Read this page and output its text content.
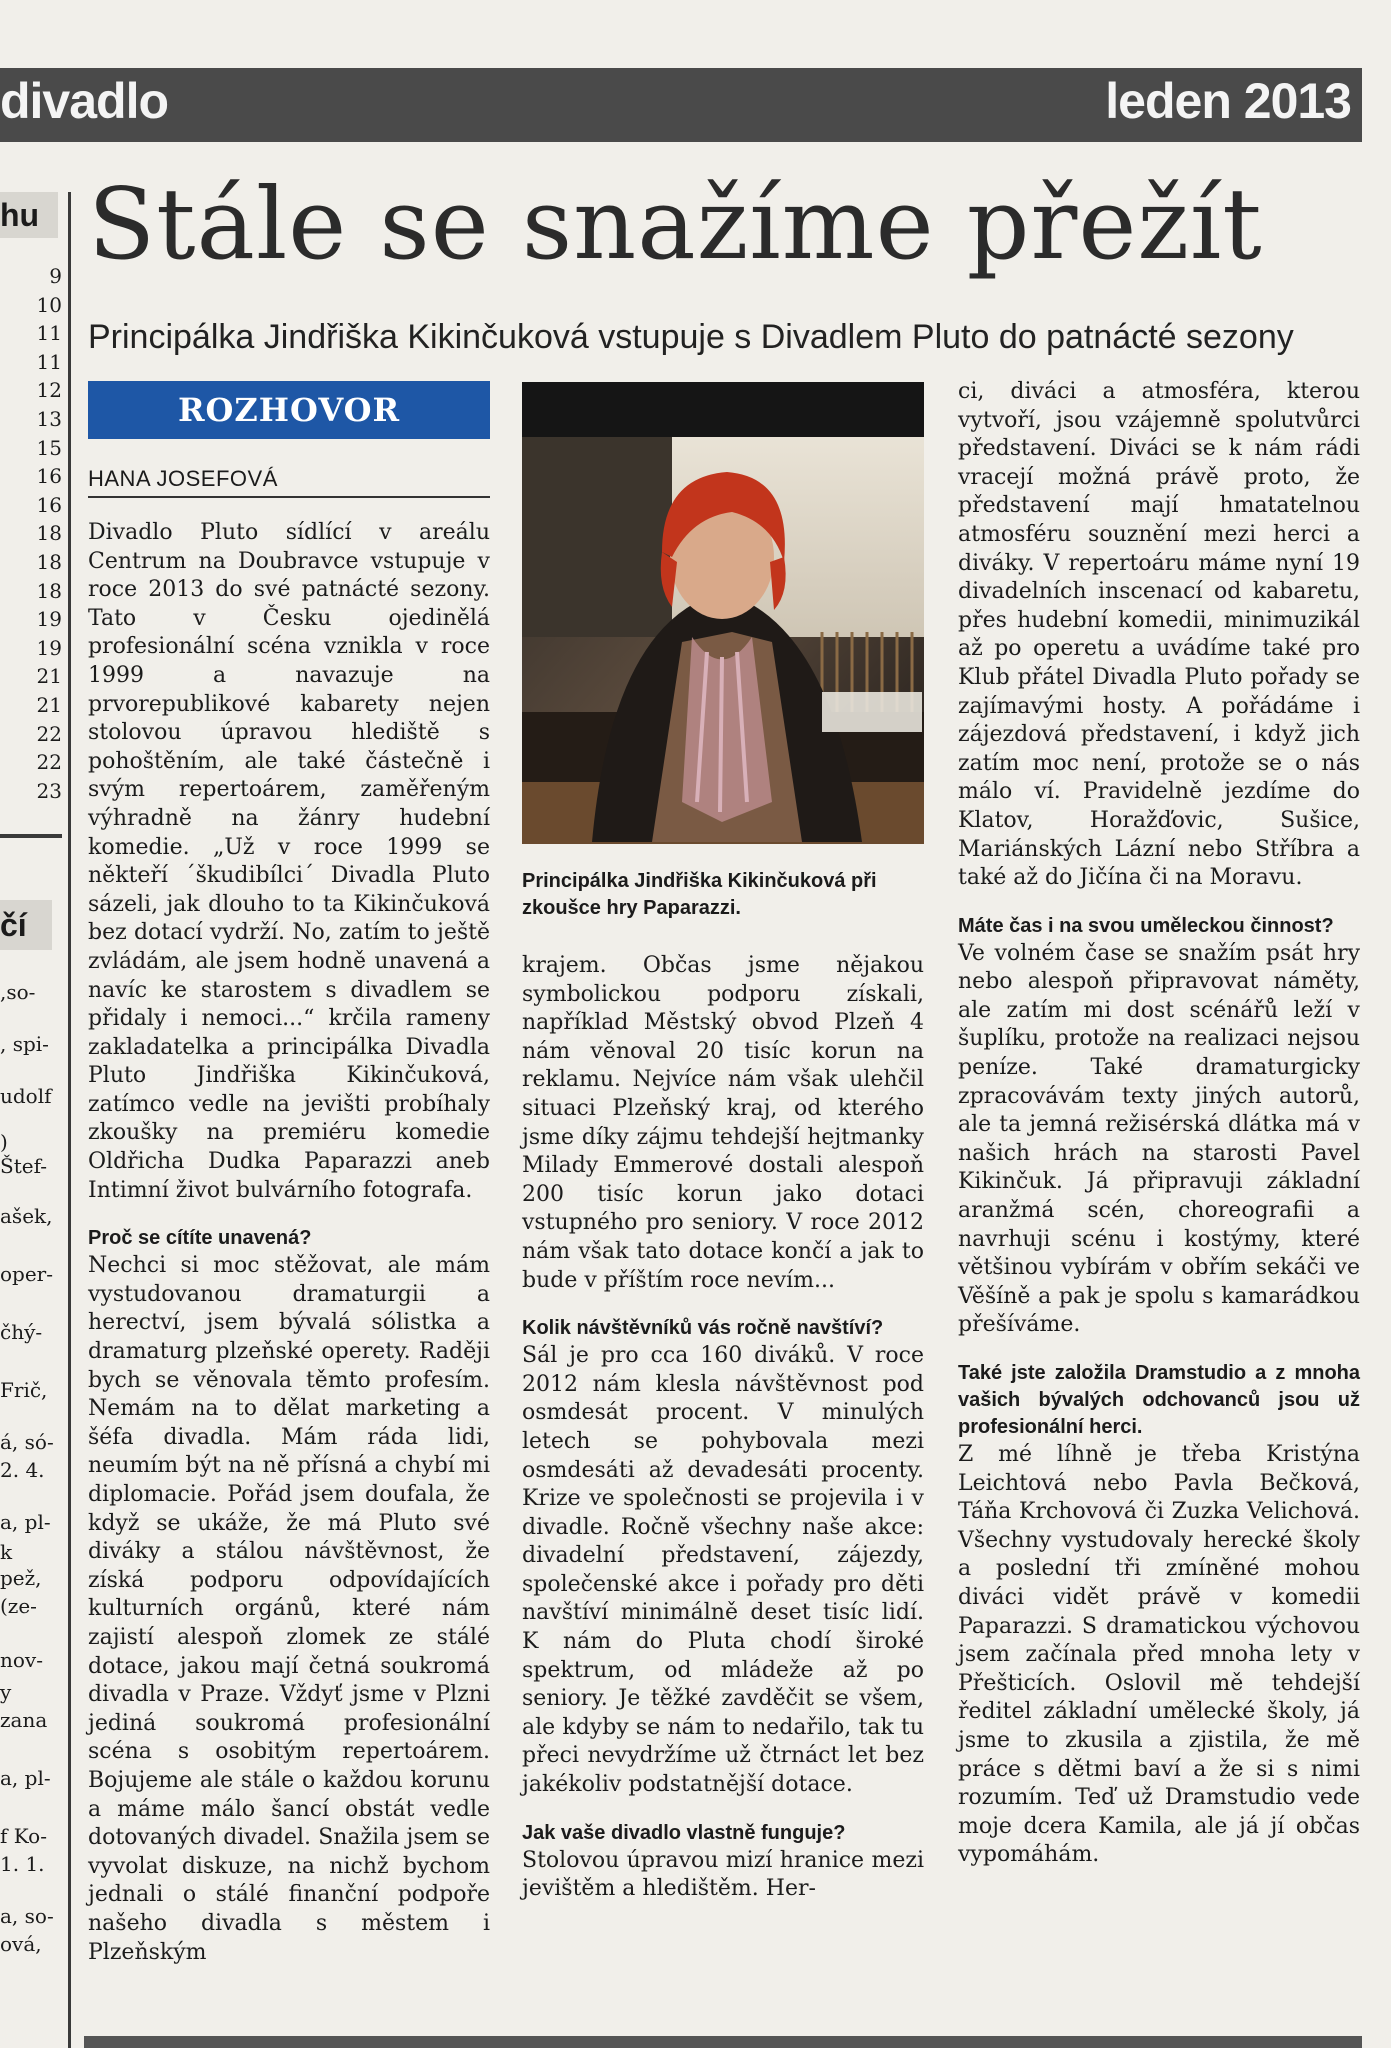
divadlo	leden 2013
hu
9
10
11
11
12
13
15
16
16
18
18
18
19
19
21
21
22
22
23
čí
,so-
, spi-
udolf
)
Štef-
ašek,
oper-
čhý-
Frič,
á, só-
2. 4.
a, pl-
k
pež,
(ze-
nov-
y
zana
a, pl-
f Ko-
1. 1.
a, so-
ová,
Stále se snažíme přežít
Principálka Jindřiška Kikinčuková vstupuje s Divadlem Pluto do patnácté sezony
ROZHOVOR
HANA JOSEFOVÁ

Divadlo Pluto sídlící v areálu Centrum na Doubravce vstupuje v roce 2013 do své patnácté sezony. Tato v Česku ojedinělá profesionální scéna vznikla v roce 1999 a navazuje na prvorepublikové kabarety nejen stolovou úpravou hlediště s pohoštěním, ale také částečně i svým repertoárem, zaměřeným výhradně na žánry hudební komedie. „Už v roce 1999 se někteří ´škudibílci´ Divadla Pluto sázeli, jak dlouho to ta Kikinčuková bez dotací vydrží. No, zatím to ještě zvládám, ale jsem hodně unavená a navíc ke starostem s divadlem se přidaly i nemoci...“ krčila rameny zakladatelka a principálka Divadla Pluto Jindřiška Kikinčuková, zatímco vedle na jevišti probíhaly zkoušky na premiéru komedie Oldřicha Dudka Paparazzi aneb Intimní život bulvárního fotografa.

Proč se cítíte unavená?

Nechci si moc stěžovat, ale mám vystudovanou dramaturgii a herectví, jsem bývalá sólistka a dramaturg plzeňské operety. Raději bych se věnovala těmto profesím. Nemám na to dělat marketing a šéfa divadla. Mám ráda lidi, neumím být na ně přísná a chybí mi diplomacie. Pořád jsem doufala, že když se ukáže, že má Pluto své diváky a stálou návštěvnost, že získá podporu odpovídajících kulturních orgánů, které nám zajistí alespoň zlomek ze stálé dotace, jakou mají četná soukromá divadla v Praze. Vždyť jsme v Plzni jediná soukromá profesionální scéna s osobitým repertoárem. Bojujeme ale stále o každou korunu a máme málo šancí obstát vedle dotovaných divadel. Snažila jsem se vyvolat diskuze, na nichž bychom jednali o stálé finanční podpoře našeho divadla s městem i Plzeňským

Principálka Jindřiška Kikinčuková při zkoušce hry Paparazzi.

krajem. Občas jsme nějakou symbolickou podporu získali, například Městský obvod Plzeň 4 nám věnoval 20 tisíc korun na reklamu. Nejvíce nám však ulehčil situaci Plzeňský kraj, od kterého jsme díky zájmu tehdejší hejtmanky Milady Emmerové dostali alespoň 200 tisíc korun jako dotaci vstupného pro seniory. V roce 2012 nám však tato dotace končí a jak to bude v příštím roce nevím...

Kolik návštěvníků vás ročně navštíví?

Sál je pro cca 160 diváků. V roce 2012 nám klesla návštěvnost pod osmdesát procent. V minulých letech se pohybovala mezi osmdesáti až devadesáti procenty. Krize ve společnosti se projevila i v divadle. Ročně všechny naše akce: divadelní představení, zájezdy, společenské akce i pořady pro děti navštíví minimálně deset tisíc lidí. K nám do Pluta chodí široké spektrum, od mládeže až po seniory. Je těžké zavděčit se všem, ale kdyby se nám to nedařilo, tak tu přeci nevydržíme už čtrnáct let bez jakékoliv podstatnější dotace.

Jak vaše divadlo vlastně funguje?

Stolovou úpravou mizí hranice mezi jevištěm a hledištěm. Her-

ci, diváci a atmosféra, kterou vytvoří, jsou vzájemně spolutvůrci představení. Diváci se k nám rádi vracejí možná právě proto, že představení mají hmatatelnou atmosféru souznění mezi herci a diváky. V repertoáru máme nyní 19 divadelních inscenací od kabaretu, přes hudební komedii, minimuzikál až po operetu a uvádíme také pro Klub přátel Divadla Pluto pořady se zajímavými hosty. A pořádáme i zájezdová představení, i když jich zatím moc není, protože se o nás málo ví. Pravidelně jezdíme do Klatov, Horažďovic, Sušice, Mariánských Lázní nebo Stříbra a také až do Jičína či na Moravu.

Máte čas i na svou uměleckou činnost?

Ve volném čase se snažím psát hry nebo alespoň připravovat náměty, ale zatím mi dost scénářů leží v šuplíku, protože na realizaci nejsou peníze. Také dramaturgicky zpracovávám texty jiných autorů, ale ta jemná režisérská dlátka má v našich hrách na starosti Pavel Kikinčuk. Já připravuji základní aranžmá scén, choreografii a navrhuji scénu i kostýmy, které většinou vybírám v obřím sekáči ve Věšíně a pak je spolu s kamarádkou přešíváme.

Také jste založila Dramstudio a z mnoha vašich bývalých odchovanců jsou už profesionální herci.

Z mé líhně je třeba Kristýna Leichtová nebo Pavla Bečková, Táňa Krchovová či Zuzka Velichová. Všechny vystudovaly herecké školy a poslední tři zmíněné mohou diváci vidět právě v komedii Paparazzi. S dramatickou výchovou jsem začínala před mnoha lety v Přešticích. Oslovil mě tehdejší ředitel základní umělecké školy, já jsme to zkusila a zjistila, že mě práce s dětmi baví a že si s nimi rozumím. Teď už Dramstudio vede moje dcera Kamila, ale já jí občas vypomáhám.
